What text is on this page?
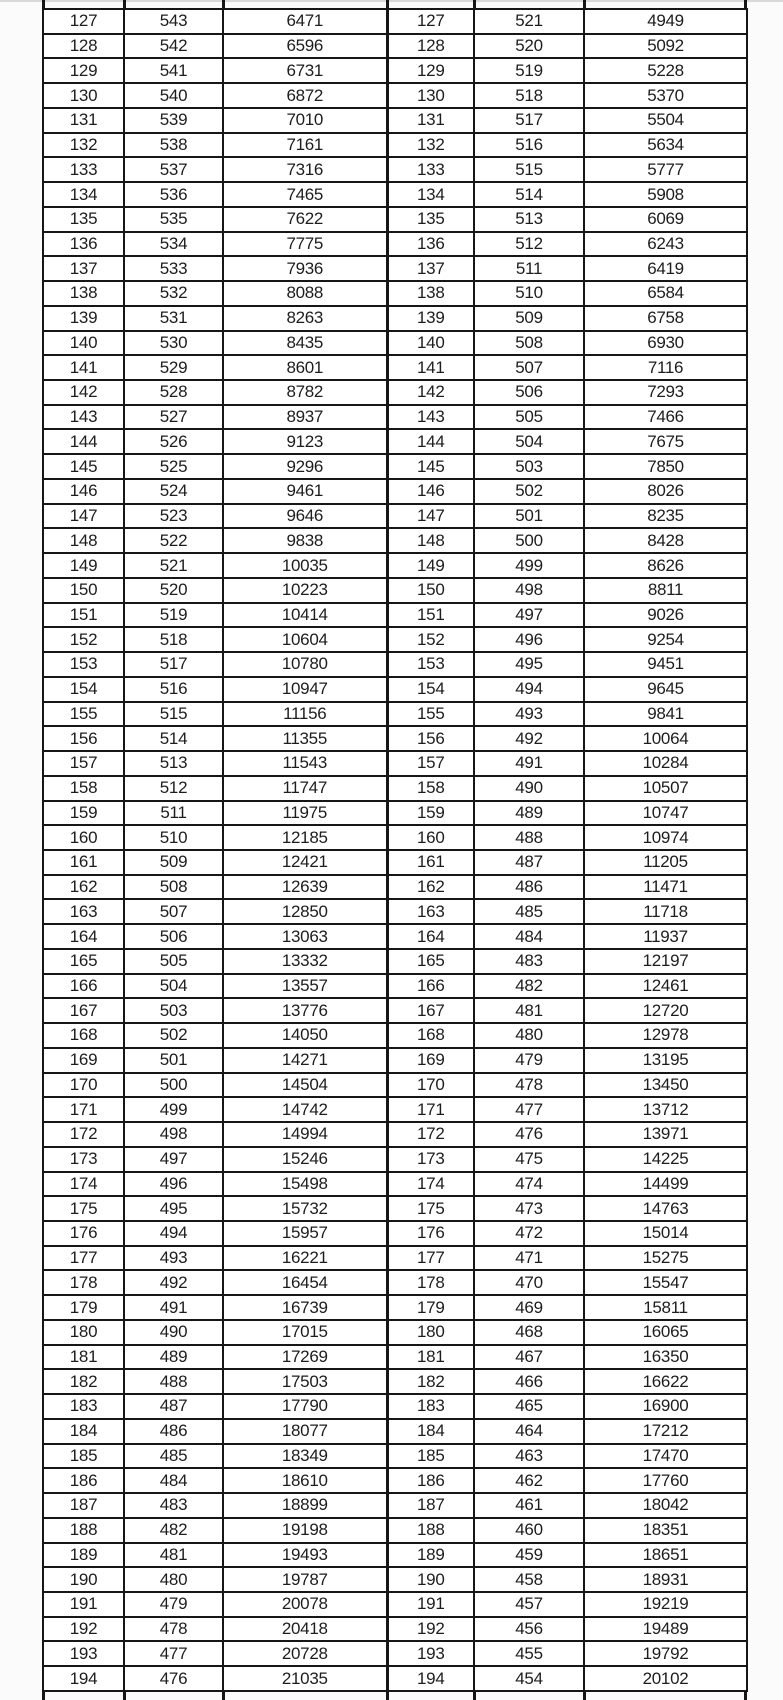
127	543	6471	127	521	4949
128	542	6596	128	520	5092
129	541	6731	129	519	5228
130	540	6872	130	518	5370
131	539	7010	131	517	5504
132	538	7161	132	516	5634
133	537	7316	133	515	5777
134	536	7465	134	514	5908
135	535	7622	135	513	6069
136	534	7775	136	512	6243
137	533	7936	137	511	6419
138	532	8088	138	510	6584
139	531	8263	139	509	6758
140	530	8435	140	508	6930
141	529	8601	141	507	7116
142	528	8782	142	506	7293
143	527	8937	143	505	7466
144	526	9123	144	504	7675
145	525	9296	145	503	7850
146	524	9461	146	502	8026
147	523	9646	147	501	8235
148	522	9838	148	500	8428
149	521	10035	149	499	8626
150	520	10223	150	498	8811
151	519	10414	151	497	9026
152	518	10604	152	496	9254
153	517	10780	153	495	9451
154	516	10947	154	494	9645
155	515	11156	155	493	9841
156	514	11355	156	492	10064
157	513	11543	157	491	10284
158	512	11747	158	490	10507
159	511	11975	159	489	10747
160	510	12185	160	488	10974
161	509	12421	161	487	11205
162	508	12639	162	486	11471
163	507	12850	163	485	11718
164	506	13063	164	484	11937
165	505	13332	165	483	12197
166	504	13557	166	482	12461
167	503	13776	167	481	12720
168	502	14050	168	480	12978
169	501	14271	169	479	13195
170	500	14504	170	478	13450
171	499	14742	171	477	13712
172	498	14994	172	476	13971
173	497	15246	173	475	14225
174	496	15498	174	474	14499
175	495	15732	175	473	14763
176	494	15957	176	472	15014
177	493	16221	177	471	15275
178	492	16454	178	470	15547
179	491	16739	179	469	15811
180	490	17015	180	468	16065
181	489	17269	181	467	16350
182	488	17503	182	466	16622
183	487	17790	183	465	16900
184	486	18077	184	464	17212
185	485	18349	185	463	17470
186	484	18610	186	462	17760
187	483	18899	187	461	18042
188	482	19198	188	460	18351
189	481	19493	189	459	18651
190	480	19787	190	458	18931
191	479	20078	191	457	19219
192	478	20418	192	456	19489
193	477	20728	193	455	19792
194	476	21035	194	454	20102
